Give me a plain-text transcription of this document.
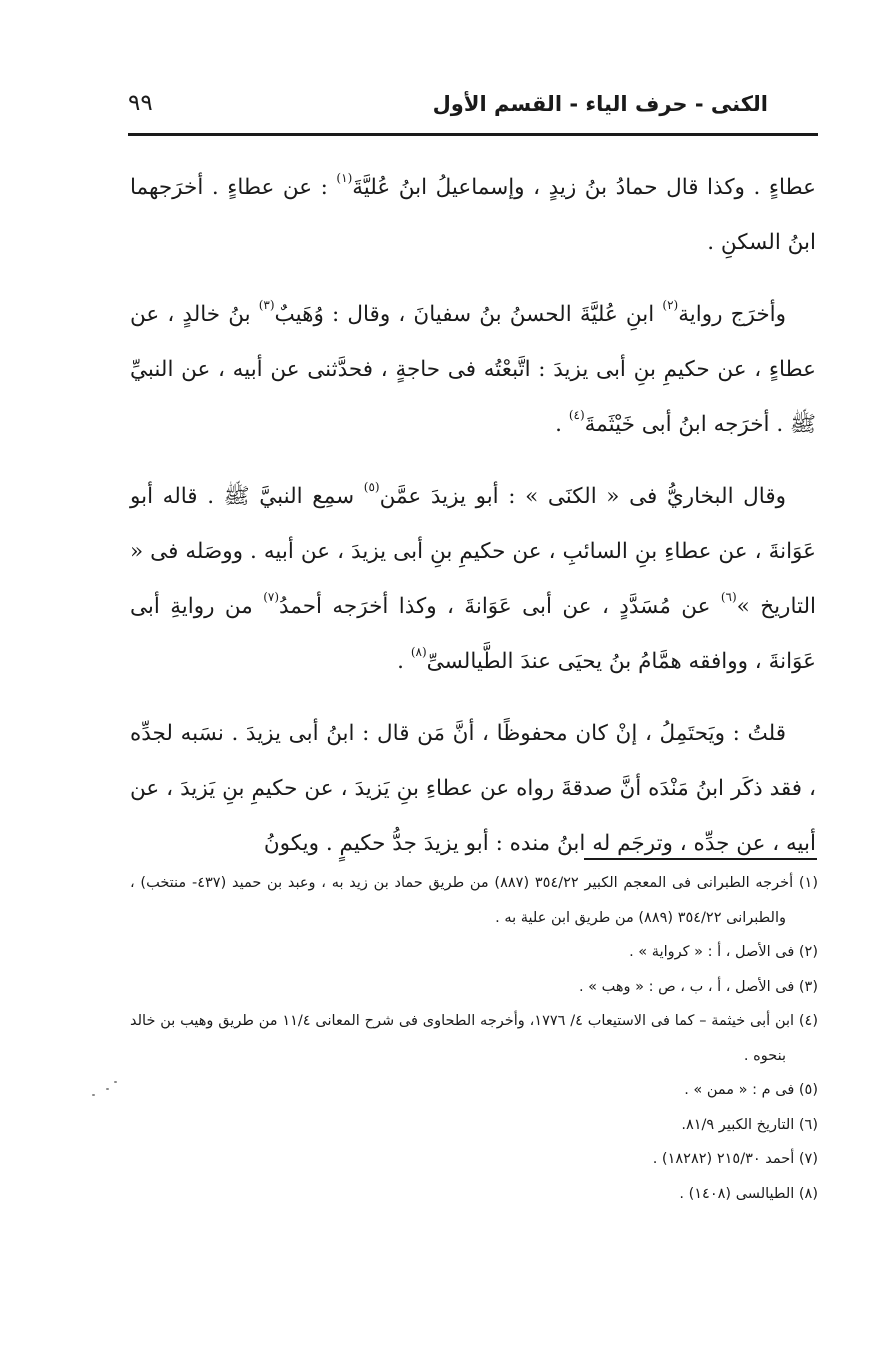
الكنى - حرف الياء - القسم الأول
٩٩

عطاءٍ . وكذا قال حمادُ بنُ زيدٍ ، وإسماعيلُ ابنُ عُليَّةَ$^{(١)}$ : عن عطاءٍ . أخرَجهما ابنُ السكنِ .

وأخرَج رواية$^{(٢)}$ ابنِ عُليَّةَ الحسنُ بنُ سفيانَ ، وقال : وُهَيبٌ$^{(٣)}$ بنُ خالدٍ ، عن عطاءٍ ، عن حكيمِ بنِ أبى يزيدَ : اتَّبعْتُه فى حاجةٍ ، فحدَّثنى عن أبيه ، عن النبيِّ ﷺ . أخرَجه ابنُ أبى خَيْثَمةَ$^{(٤)}$ .

وقال البخاريُّ فى « الكنَى » : أبو يزيدَ عمَّن$^{(٥)}$ سمِع النبيَّ ﷺ . قاله أبو عَوَانةَ ، عن عطاءِ بنِ السائبِ ، عن حكيمِ بنِ أبى يزيدَ ، عن أبيه . ووصَله فى « التاريخ »$^{(٦)}$ عن مُسَدَّدٍ ، عن أبى عَوَانةَ ، وكذا أخرَجه أحمدُ$^{(٧)}$ من روايةِ أبى عَوَانةَ ، ووافقه همَّامُ بنُ يحيَى عندَ الطَّيالسىِّ$^{(٨)}$ .

قلتُ : ويَحتَمِلُ ، إنْ كان محفوظًا ، أنَّ مَن قال : ابنُ أبى يزيدَ . نسَبه لجدِّه ، فقد ذكَر ابنُ مَنْدَه أنَّ صدقةَ رواه عن عطاءِ بنِ يَزيدَ ، عن حكيمِ بنِ يَزيدَ ، عن أبيه ، عن جدِّه ، وترجَم له ابنُ منده : أبو يزيدَ جدُّ حكيمٍ . ويكونُ

(١) أخرجه الطبرانى فى المعجم الكبير ٣٥٤/٢٢ (٨٨٧) من طريق حماد بن زيد به ، وعبد بن حميد (٤٣٧- منتخب) ، والطبرانى ٣٥٤/٢٢ (٨٨٩) من طريق ابن علية به .
(٢) فى الأصل ، أ : « كرواية » .
(٣) فى الأصل ، أ ، ب ، ص : « وهب » .
(٤) ابن أبى خيثمة – كما فى الاستيعاب ٤/ ١٧٧٦، وأخرجه الطحاوى فى شرح المعانى ١١/٤ من طريق وهيب بن خالد بنحوه .
(٥) فى م : « ممن » .
(٦) التاريخ الكبير ٨١/٩.
(٧) أحمد ٢١٥/٣٠ (١٨٢٨٢) .
(٨) الطيالسى (١٤٠٨) .
